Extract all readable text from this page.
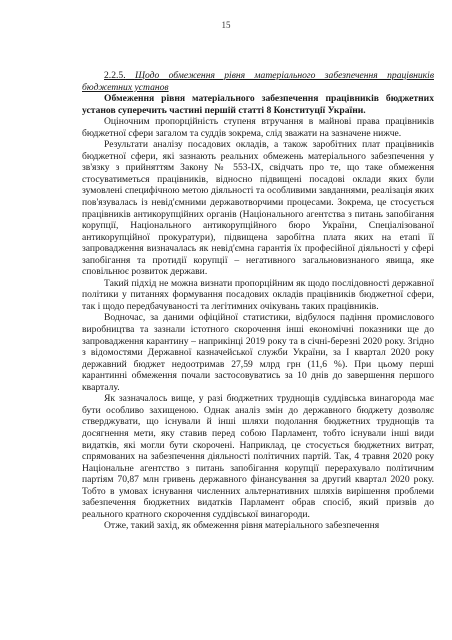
15

2.2.5. Щодо обмеження рівня матеріального забезпечення працівників бюджетних установ

Обмеження рівня матеріального забезпечення працівників бюджетних установ суперечить частині першій статті 8 Конституції України.

Оціночним пропорційність ступеня втручання в майнові права працівників бюджетної сфери загалом та суддів зокрема, слід зважати на зазначене нижче.

Результати аналізу посадових окладів, а також заробітних плат працівників бюджетної сфери, які зазнають реальних обмежень матеріального забезпечення у зв'язку з прийняттям Закону № 553-IX, свідчать про те, що таке обмеження стосуватиметься працівників, відносно підвищені посадові оклади яких були зумовлені специфічною метою діяльності та особливими завданнями, реалізація яких пов'язувалась із невід'ємними державотворчими процесами. Зокрема, це стосується працівників антикорупційних органів (Національного агентства з питань запобігання корупції, Національного антикорупційного бюро України, Спеціалізованої антикорупційної прокуратури), підвищена заробітна плата яких на етапі її запровадження визначалась як невід'ємна гарантія їх професійної діяльності у сфері запобігання та протидії корупції – негативного загальновизнаного явища, яке сповільнює розвиток держави.

Такий підхід не можна визнати пропорційним як щодо послідовності державної політики у питаннях формування посадових окладів працівників бюджетної сфери, так і щодо передбачуваності та легітимних очікувань таких працівників.

Водночас, за даними офіційної статистики, відбулося падіння промислового виробництва та зазнали істотного скорочення інші економічні показники ще до запровадження карантину – наприкінці 2019 року та в січні-березні 2020 року. Згідно з відомостями Державної казначейської служби України, за І квартал 2020 року державний бюджет недоотримав 27,59 млрд грн (11,6 %). При цьому перші карантинні обмеження почали застосовуватись за 10 днів до завершення першого кварталу.

Як зазначалось вище, у разі бюджетних труднощів суддівська винагорода має бути особливо захищеною. Однак аналіз змін до державного бюджету дозволяє стверджувати, що існували й інші шляхи подолання бюджетних труднощів та досягнення мети, яку ставив перед собою Парламент, тобто існували інші види видатків, які могли бути скорочені. Наприклад, це стосується бюджетних витрат, спрямованих на забезпечення діяльності політичних партій. Так, 4 травня 2020 року Національне агентство з питань запобігання корупції перерахувало політичним партіям 70,87 млн гривень державного фінансування за другий квартал 2020 року. Тобто в умовах існування численних альтернативних шляхів вирішення проблеми забезпечення бюджетних видатків Парламент обрав спосіб, який призвів до реального кратного скорочення суддівської винагороди.

Отже, такий захід, як обмеження рівня матеріального забезпечення
